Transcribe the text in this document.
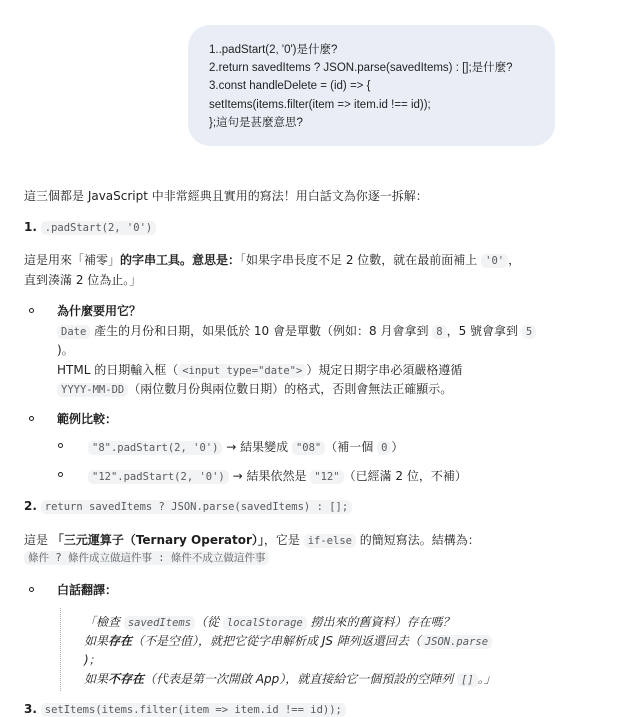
1..padStart(2, '0')是什麼?
2.return savedItems ? JSON.parse(savedItems) : [];是什麼?
3.const handleDelete = (id) => {
setItems(items.filter(item => item.id !== id));
};這句是甚麼意思?
這三個都是 JavaScript 中非常經典且實用的寫法！用白話文為你逐一拆解：
1. .padStart(2, '0')
這是用來「補零」的字串工具。意思是：「如果字串長度不足 2 位數，就在最前面補上 '0' ，
直到湊滿 2 位為止。」
為什麼要用它？
Date 產生的月份和日期，如果低於 10 會是單數（例如：8 月會拿到 8 ，5 號會拿到 5
)。
HTML 的日期輸入框（ <input type="date"> ）規定日期字串必須嚴格遵循
YYYY-MM-DD （兩位數月份與兩位數日期）的格式，否則會無法正確顯示。
範例比較：
"8".padStart(2, '0') → 結果變成 "08" （補一個 0 ）
"12".padStart(2, '0') → 結果依然是 "12" （已經滿 2 位，不補）
2. return savedItems ? JSON.parse(savedItems) : [];
這是 「三元運算子（Ternary Operator）」，它是 if-else 的簡短寫法。結構為：
條件 ? 條件成立做這件事 : 條件不成立做這件事
白話翻譯：
「檢查 savedItems （從 localStorage 撈出來的舊資料）存在嗎？
如果存在（不是空值），就把它從字串解析成 JS 陣列返還回去（ JSON.parse
)；
如果不存在（代表是第一次開啟 App），就直接給它一個預設的空陣列 [] 。」
3. setItems(items.filter(item => item.id !== id));
